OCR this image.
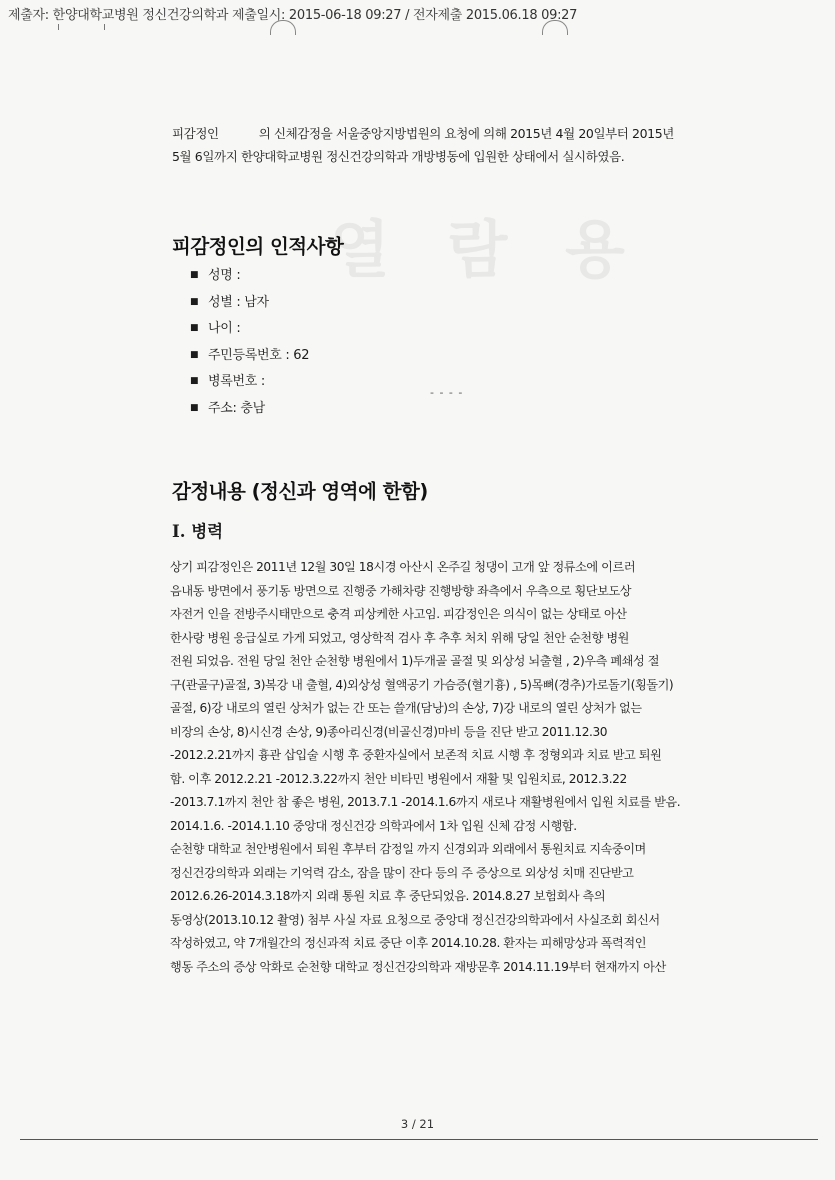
제출자: 한양대학교병원 정신건강의학과 제출일시: 2015-06-18 09:27 / 전자제출 2015.06.18 09:27
피감정인	의 신체감정을 서울중앙지방법원의 요청에 의해 2015년 4월 20일부터 2015년
5월 6일까지 한양대학교병원 정신건강의학과 개방병동에 입원한 상태에서 실시하였음.
열 람 용
피감정인의 인적사항
■ 성명 :
■ 성별 : 남자
■ 나이 :
■ 주민등록번호 : 62
■ 병록번호 :
■ 주소: 충남
- - - -
감정내용 (정신과 영역에 한함)
I. 병력
상기 피감정인은 2011년 12월 30일 18시경 아산시 온주길 청댕이 고개 앞 정류소에 이르러
음내동 방면에서 풍기동 방면으로 진행중 가해차량 진행방향 좌측에서 우측으로 횡단보도상
자전거 인을 전방주시태만으로 충격 피상케한 사고임. 피감정인은 의식이 없는 상태로 아산
한사랑 병원 응급실로 가게 되었고, 영상학적 검사 후 추후 처치 위해 당일 천안 순천향 병원
전원 되었음. 전원 당일 천안 순천향 병원에서 1)두개골 골절 및 외상성 뇌출혈 , 2)우측 폐쇄성 절
구(관골구)골절, 3)복강 내 출혈, 4)외상성 혈액공기 가슴증(혈기흉) , 5)목뼈(경추)가로돌기(횡돌기)
골절, 6)강 내로의 열린 상처가 없는 간 또는 쓸개(담낭)의 손상, 7)강 내로의 열린 상처가 없는
비장의 손상, 8)시신경 손상, 9)종아리신경(비골신경)마비 등을 진단 받고 2011.12.30
-2012.2.21까지 흉관 삽입술 시행 후 중환자실에서 보존적 치료 시행 후 정형외과 치료 받고 퇴원
함. 이후 2012.2.21 -2012.3.22까지 천안 비타민 병원에서 재활 및 입원치료, 2012.3.22
-2013.7.1까지 천안 참 좋은 병원, 2013.7.1 -2014.1.6까지 새로나 재활병원에서 입원 치료를 받음.
2014.1.6. -2014.1.10 중앙대 정신건강 의학과에서 1차 입원 신체 감정 시행함.
순천향 대학교 천안병원에서 퇴원 후부터 감정일 까지 신경외과 외래에서 통원치료 지속중이며
정신건강의학과 외래는 기억력 감소, 잠을 많이 잔다 등의 주 증상으로 외상성 치매 진단받고
2012.6.26-2014.3.18까지 외래 통원 치료 후 중단되었음. 2014.8.27 보험회사 측의
동영상(2013.10.12 촬영) 첨부 사실 자료 요청으로 중앙대 정신건강의학과에서 사실조회 회신서
작성하였고, 약 7개월간의 정신과적 치료 중단 이후 2014.10.28. 환자는 피해망상과 폭력적인
행동 주소의 증상 악화로 순천향 대학교 정신건강의학과 재방문후 2014.11.19부터 현재까지 아산
3 / 21
